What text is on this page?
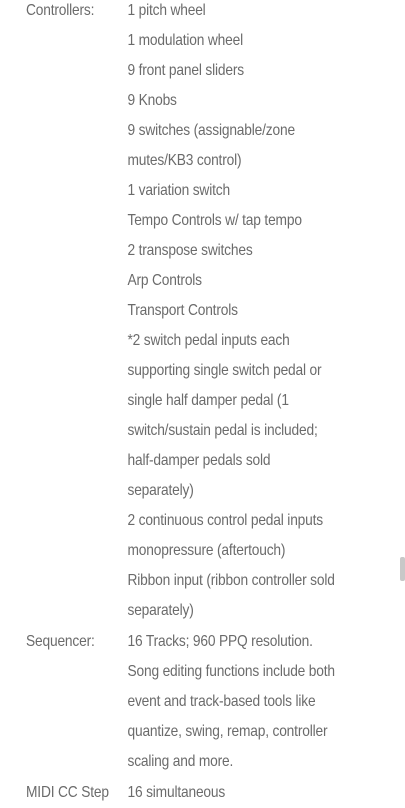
Controllers:	1 pitch wheel
1 modulation wheel
9 front panel sliders
9 Knobs
9 switches (assignable/zone mutes/KB3 control)
1 variation switch
Tempo Controls w/ tap tempo
2 transpose switches
Arp Controls
Transport Controls
*2 switch pedal inputs each supporting single switch pedal or single half damper pedal (1 switch/sustain pedal is included; half-damper pedals sold separately)
2 continuous control pedal inputs monopressure (aftertouch)
Ribbon input (ribbon controller sold separately)
Sequencer:	16 Tracks; 960 PPQ resolution. Song editing functions include both event and track-based tools like quantize, swing, remap, controller scaling and more.
MIDI CC Step	16 simultaneous
